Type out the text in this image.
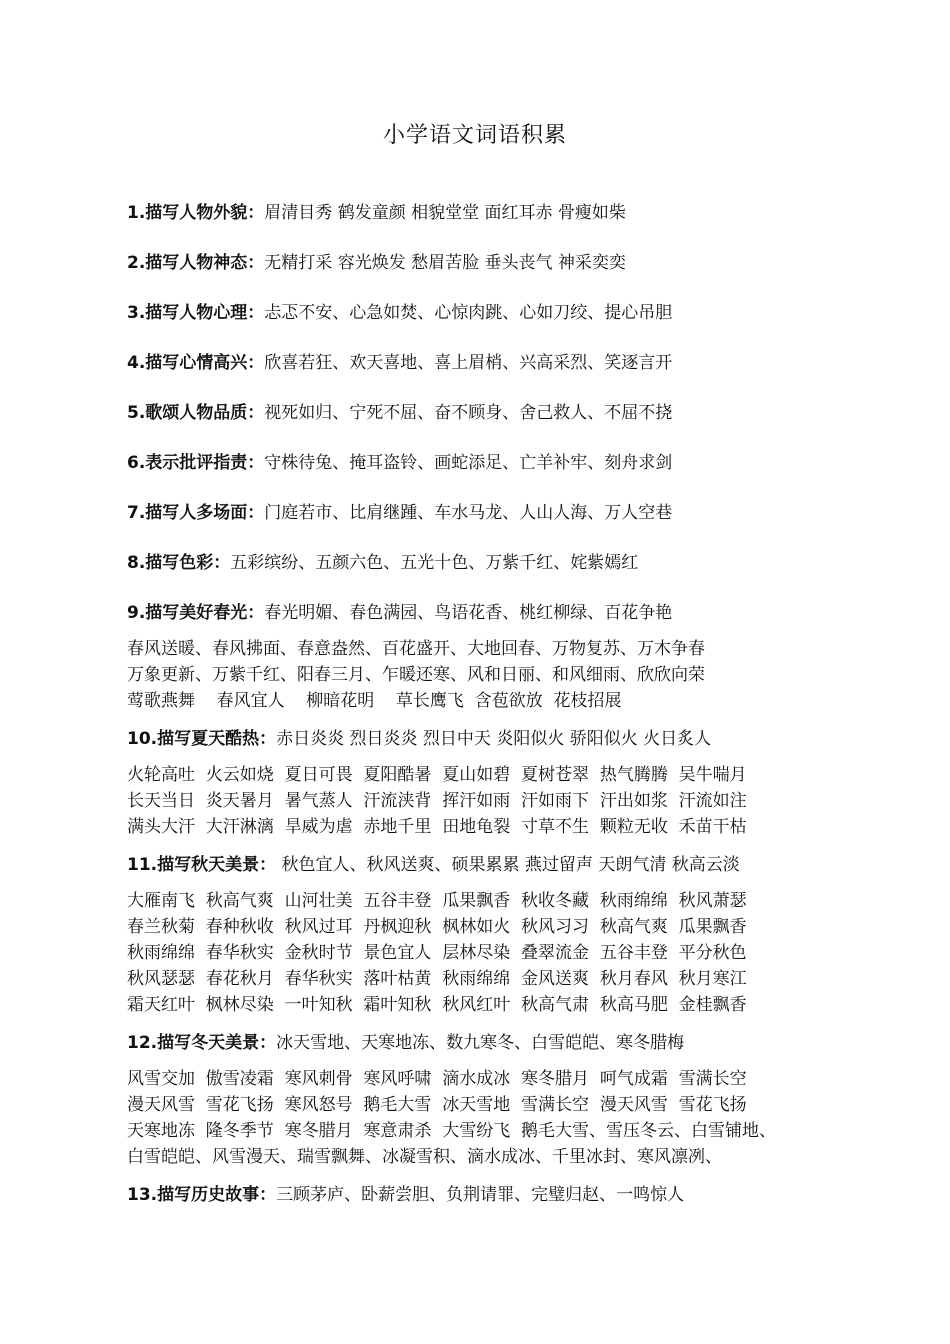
小学语文词语积累
1.描写人物外貌：眉清目秀 鹤发童颜 相貌堂堂 面红耳赤 骨瘦如柴
2.描写人物神态：无精打采 容光焕发 愁眉苦脸 垂头丧气 神采奕奕
3.描写人物心理：忐忑不安、心急如焚、心惊肉跳、心如刀绞、提心吊胆
4.描写心情高兴：欣喜若狂、欢天喜地、喜上眉梢、兴高采烈、笑逐言开
5.歌颂人物品质：视死如归、宁死不屈、奋不顾身、舍己救人、不屈不挠
6.表示批评指责：守株待兔、掩耳盗铃、画蛇添足、亡羊补牢、刻舟求剑
7.描写人多场面：门庭若市、比肩继踵、车水马龙、人山人海、万人空巷
8.描写色彩：五彩缤纷、五颜六色、五光十色、万紫千红、姹紫嫣红
9.描写美好春光：春光明媚、春色满园、鸟语花香、桃红柳绿、百花争艳
春风送暖、春风拂面、春意盎然、百花盛开、大地回春、万物复苏、万木争春
万象更新、万紫千红、阳春三月、乍暖还寒、风和日丽、和风细雨、欣欣向荣
莺歌燕舞    春风宜人    柳暗花明    草长鹰飞  含苞欲放  花枝招展
10.描写夏天酷热：赤日炎炎 烈日炎炎 烈日中天 炎阳似火 骄阳似火 火日炙人
火轮高吐  火云如烧  夏日可畏  夏阳酷暑  夏山如碧  夏树苍翠  热气腾腾  吴牛喘月
长天当日  炎天暑月  暑气蒸人  汗流浃背  挥汗如雨  汗如雨下  汗出如浆  汗流如注
满头大汗  大汗淋漓  旱威为虐  赤地千里  田地龟裂  寸草不生  颗粒无收  禾苗干枯
11.描写秋天美景： 秋色宜人、秋风送爽、硕果累累 燕过留声 天朗气清 秋高云淡
大雁南飞  秋高气爽  山河壮美  五谷丰登  瓜果飘香  秋收冬藏  秋雨绵绵  秋风萧瑟
春兰秋菊  春种秋收  秋风过耳  丹枫迎秋  枫林如火  秋风习习  秋高气爽  瓜果飘香
秋雨绵绵  春华秋实  金秋时节  景色宜人  层林尽染  叠翠流金  五谷丰登  平分秋色
秋风瑟瑟  春花秋月  春华秋实  落叶枯黄  秋雨绵绵  金风送爽  秋月春风  秋月寒江
霜天红叶  枫林尽染  一叶知秋  霜叶知秋  秋风红叶  秋高气肃  秋高马肥  金桂飘香
12.描写冬天美景：冰天雪地、天寒地冻、数九寒冬、白雪皑皑、寒冬腊梅
风雪交加  傲雪凌霜  寒风刺骨  寒风呼啸  滴水成冰  寒冬腊月  呵气成霜  雪满长空
漫天风雪  雪花飞扬  寒风怒号  鹅毛大雪  冰天雪地  雪满长空  漫天风雪  雪花飞扬
天寒地冻  隆冬季节  寒冬腊月  寒意肃杀  大雪纷飞  鹅毛大雪、雪压冬云、白雪铺地、
白雪皑皑、风雪漫天、瑞雪飘舞、冰凝雪积、滴水成冰、千里冰封、寒风凛冽、
13.描写历史故事：三顾茅庐、卧薪尝胆、负荆请罪、完璧归赵、一鸣惊人
